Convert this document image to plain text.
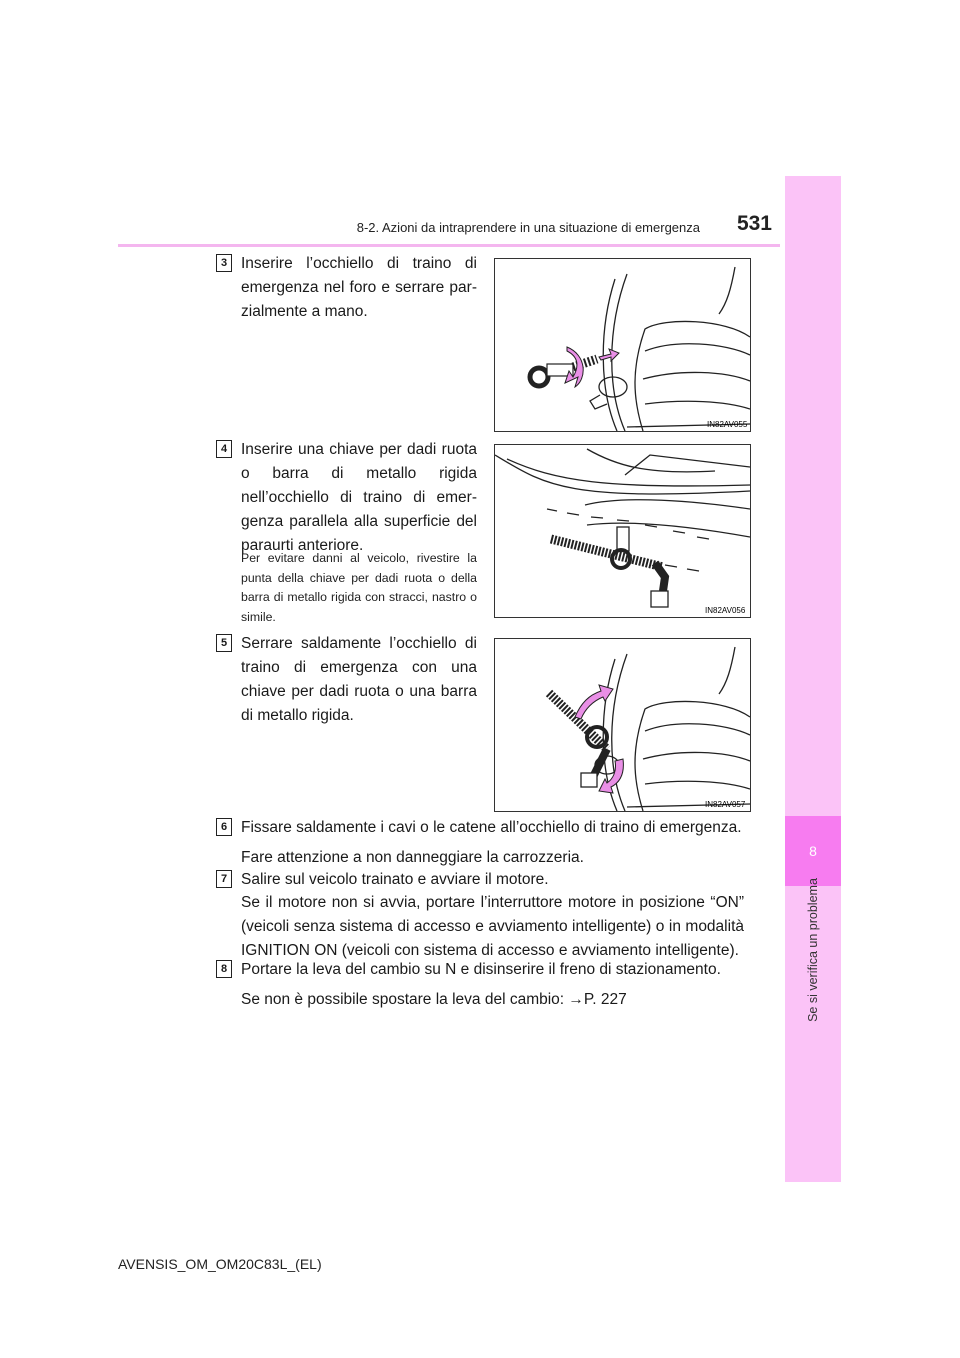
8-2. Azioni da intraprendere in una situazione di emergenza	531
8
Se si verifica un problema
3 Inserire l’occhiello di traino di emergenza nel foro e serrare parzialmente a mano.
IN82AV055
4 Inserire una chiave per dadi ruota o barra di metallo rigida nell’occhiello di traino di emergenza parallela alla superficie del paraurti anteriore.
Per evitare danni al veicolo, rivestire la punta della chiave per dadi ruota o della barra di metallo rigida con stracci, nastro o simile.	IN82AV056
5 Serrare saldamente l’occhiello di traino di emergenza con una chiave per dadi ruota o una barra di metallo rigida.
IN82AV057
6 Fissare saldamente i cavi o le catene all’occhiello di traino di emergenza.
Fare attenzione a non danneggiare la carrozzeria.
7 Salire sul veicolo trainato e avviare il motore.
Se il motore non si avvia, portare l’interruttore motore in posizione “ON” (veicoli senza sistema di accesso e avviamento intelligente) o in modalità IGNITION ON (veicoli con sistema di accesso e avviamento intelligente).
8 Portare la leva del cambio su N e disinserire il freno di stazionamento.
Se non è possibile spostare la leva del cambio: →P. 227
AVENSIS_OM_OM20C83L_(EL)
